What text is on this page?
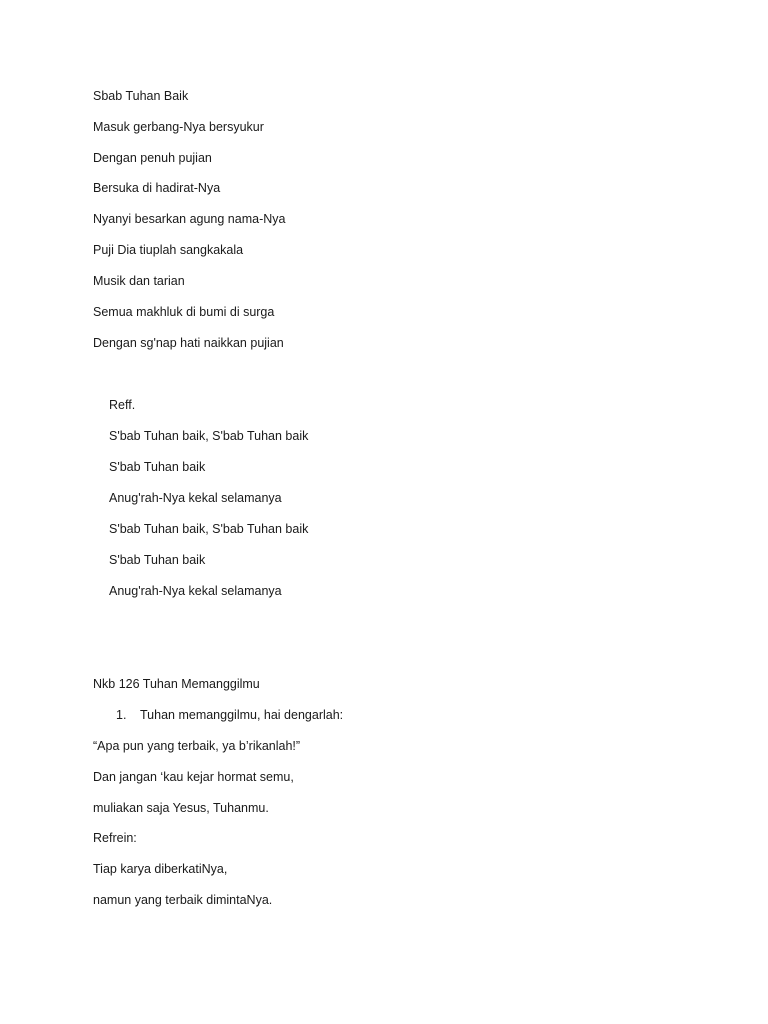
Sbab Tuhan Baik
Masuk gerbang-Nya bersyukur
Dengan penuh pujian
Bersuka di hadirat-Nya
Nyanyi besarkan agung nama-Nya
Puji Dia tiuplah sangkakala
Musik dan tarian
Semua makhluk di bumi di surga
Dengan sg'nap hati naikkan pujian
Reff.
S'bab Tuhan baik, S'bab Tuhan baik
S'bab Tuhan baik
Anug'rah-Nya kekal selamanya
S'bab Tuhan baik, S'bab Tuhan baik
S'bab Tuhan baik
Anug'rah-Nya kekal selamanya
Nkb 126 Tuhan Memanggilmu
1. Tuhan memanggilmu, hai dengarlah:
“Apa pun yang terbaik, ya b’rikanlah!”
Dan jangan ‘kau kejar hormat semu,
muliakan saja Yesus, Tuhanmu.
Refrein:
Tiap karya diberkatiNya,
namun yang terbaik dimintaNya.
